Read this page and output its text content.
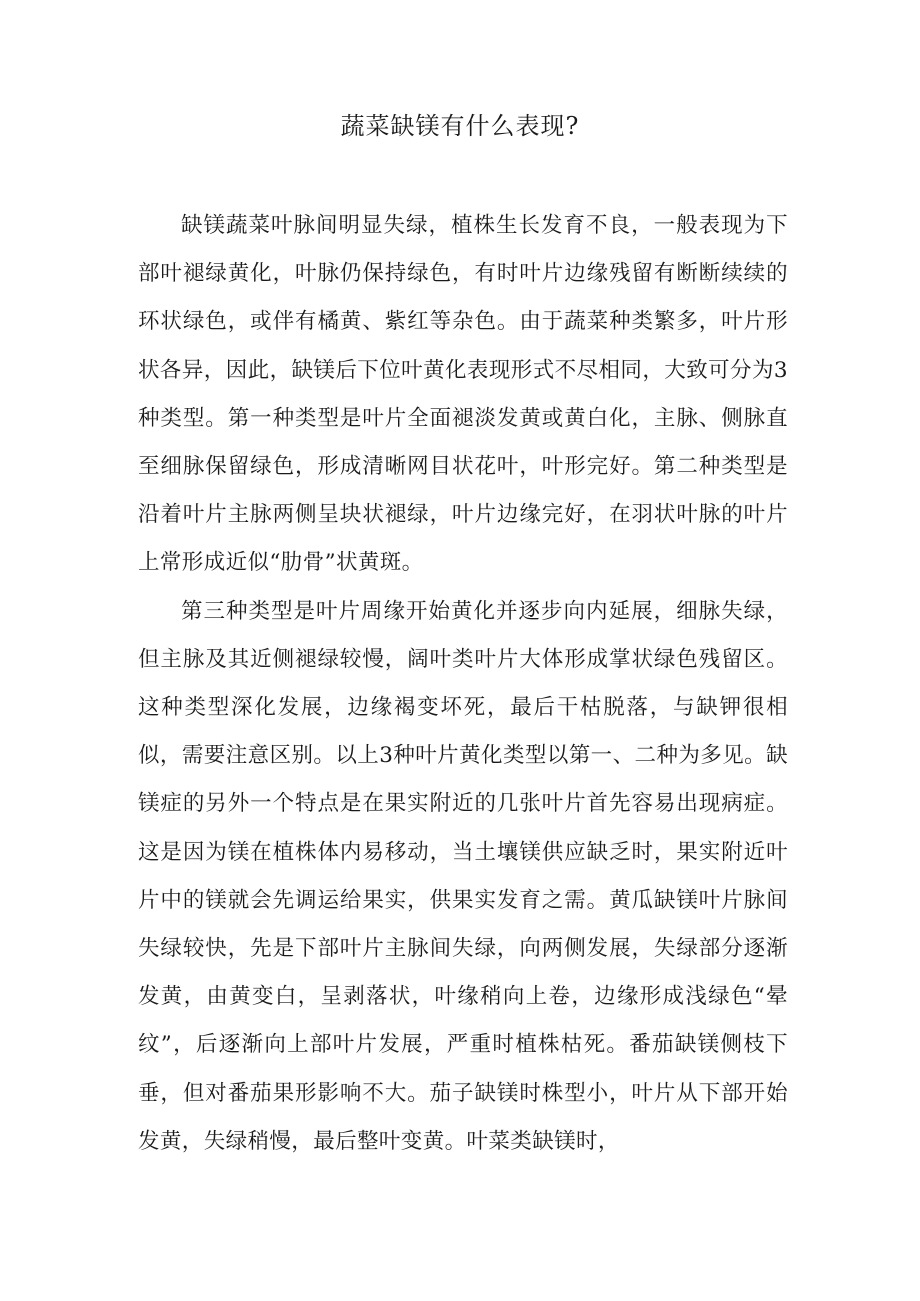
蔬菜缺镁有什么表现?

缺镁蔬菜叶脉间明显失绿，植株生长发育不良，一般表现为下部叶褪绿黄化，叶脉仍保持绿色，有时叶片边缘残留有断断续续的环状绿色，或伴有橘黄、紫红等杂色。由于蔬菜种类繁多，叶片形状各异，因此，缺镁后下位叶黄化表现形式不尽相同，大致可分为3种类型。第一种类型是叶片全面褪淡发黄或黄白化，主脉、侧脉直至细脉保留绿色，形成清晰网目状花叶，叶形完好。第二种类型是沿着叶片主脉两侧呈块状褪绿，叶片边缘完好，在羽状叶脉的叶片上常形成近似“肋骨”状黄斑。

第三种类型是叶片周缘开始黄化并逐步向内延展，细脉失绿，但主脉及其近侧褪绿较慢，阔叶类叶片大体形成掌状绿色残留区。这种类型深化发展，边缘褐变坏死，最后干枯脱落，与缺钾很相似，需要注意区别。以上3种叶片黄化类型以第一、二种为多见。缺镁症的另外一个特点是在果实附近的几张叶片首先容易出现病症。这是因为镁在植株体内易移动，当土壤镁供应缺乏时，果实附近叶片中的镁就会先调运给果实，供果实发育之需。黄瓜缺镁叶片脉间失绿较快，先是下部叶片主脉间失绿，向两侧发展，失绿部分逐渐发黄，由黄变白，呈剥落状，叶缘稍向上卷，边缘形成浅绿色“晕纹”，后逐渐向上部叶片发展，严重时植株枯死。番茄缺镁侧枝下垂，但对番茄果形影响不大。茄子缺镁时株型小，叶片从下部开始发黄，失绿稍慢，最后整叶变黄。叶菜类缺镁时，
